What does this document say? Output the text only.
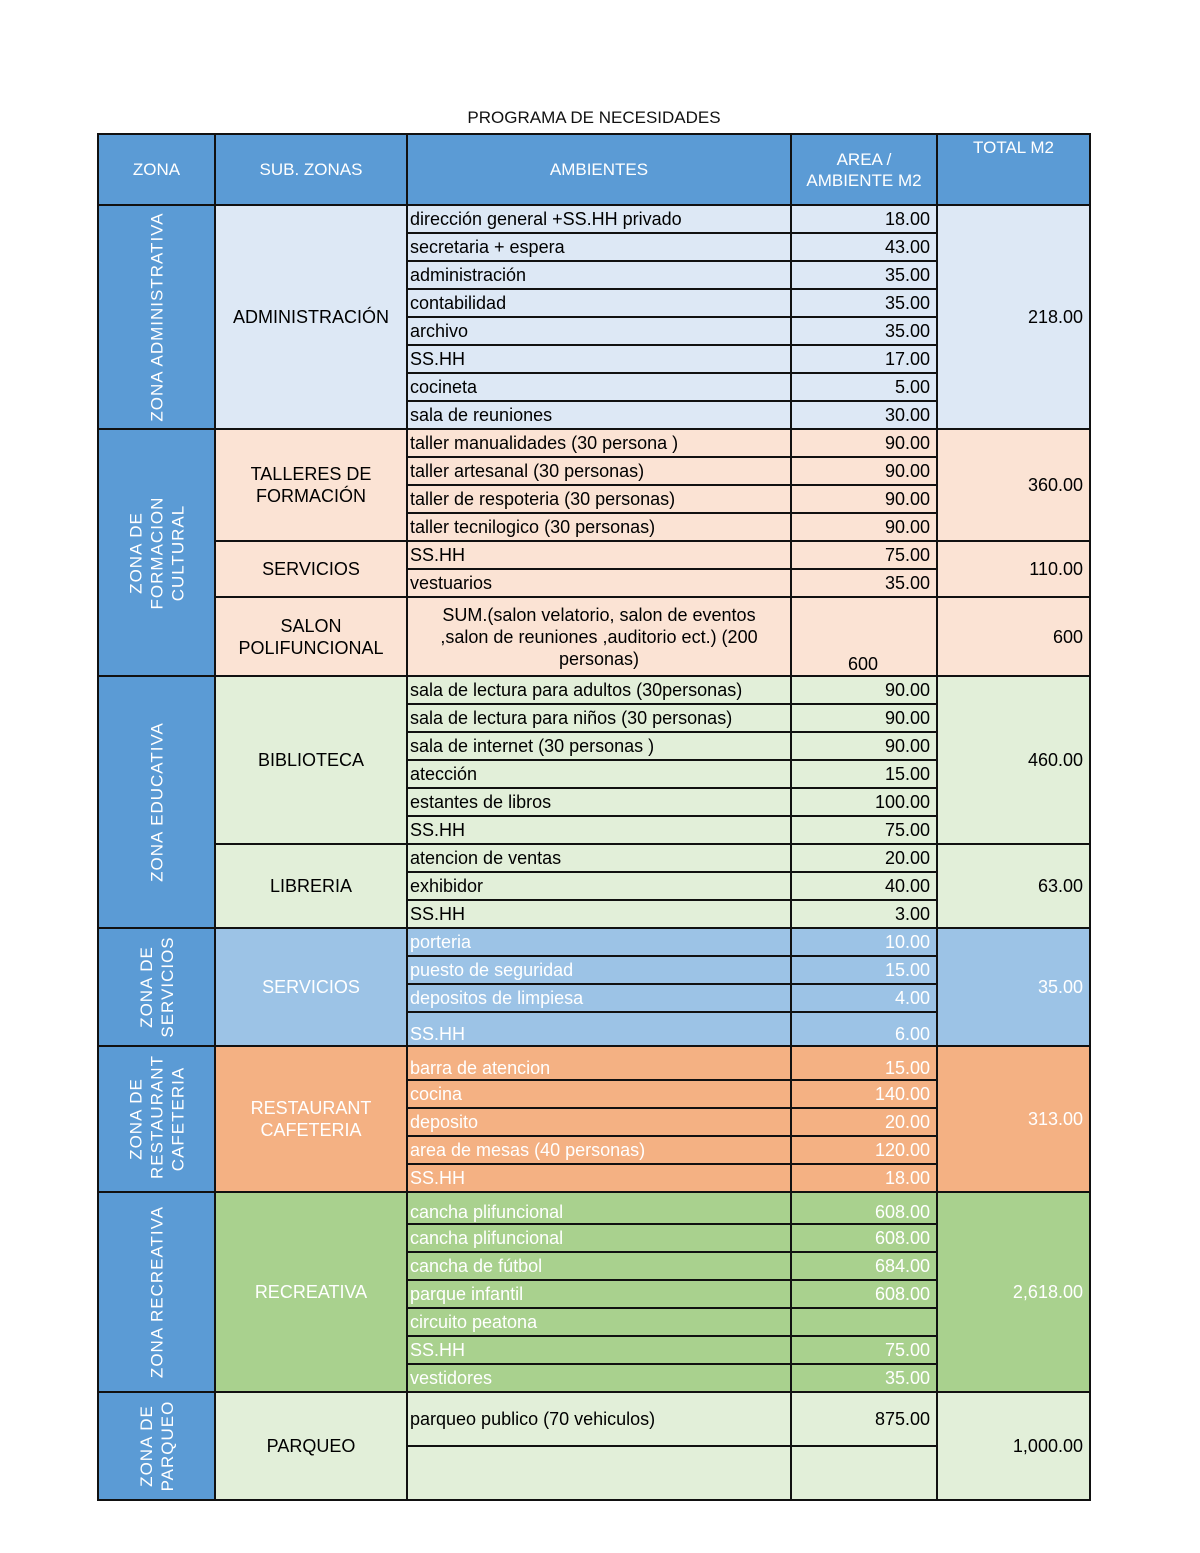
PROGRAMA DE NECESIDADES
ZONA	SUB. ZONAS	AMBIENTES	AREA / AMBIENTE M2	TOTAL M2

ZONA ADMINISTRATIVA	ADMINISTRACIÓN	dirección general +SS.HH privado	18.00	218.00
		secretaria + espera	43.00	
		administración	35.00	
		contabilidad	35.00	
		archivo	35.00	
		SS.HH	17.00	
		cocineta	5.00	
		sala de reuniones	30.00	

ZONA DE FORMACION CULTURAL	TALLERES DE FORMACIÓN	taller manualidades (30 persona )	90.00	360.00
		taller artesanal (30 personas)	90.00	
		taller de respoteria (30 personas)	90.00	
		taller tecnilogico (30 personas)	90.00	
	SERVICIOS	SS.HH	75.00	110.00
		vestuarios	35.00	
	SALON POLIFUNCIONAL	SUM.(salon velatorio, salon de eventos ,salon de reuniones ,auditorio ect.) (200 personas)	600	600

ZONA EDUCATIVA	BIBLIOTECA	sala de lectura para adultos (30personas)	90.00	460.00
		sala de lectura para niños (30 personas)	90.00	
		sala de internet (30 personas )	90.00	
		atección	15.00	
		estantes de libros	100.00	
		SS.HH	75.00	
	LIBRERIA	atencion de ventas	20.00	63.00
		exhibidor	40.00	
		SS.HH	3.00	

ZONA DE SERVICIOS	SERVICIOS	porteria	10.00	35.00
		puesto de seguridad	15.00	
		depositos de limpiesa	4.00	
		SS.HH	6.00	

ZONA DE RESTAURANT CAFETERIA	RESTAURANT CAFETERIA	barra de atencion	15.00	313.00
		cocina	140.00	
		deposito	20.00	
		area de mesas (40 personas)	120.00	
		SS.HH	18.00	

ZONA RECREATIVA	RECREATIVA	cancha plifuncional	608.00	2,618.00
		cancha plifuncional	608.00	
		cancha de fútbol	684.00	
		parque infantil	608.00	
		circuito peatona		
		SS.HH	75.00	
		vestidores	35.00	

ZONA DE PARQUEO	PARQUEO	parqueo publico (70 vehiculos)	875.00	1,000.00
